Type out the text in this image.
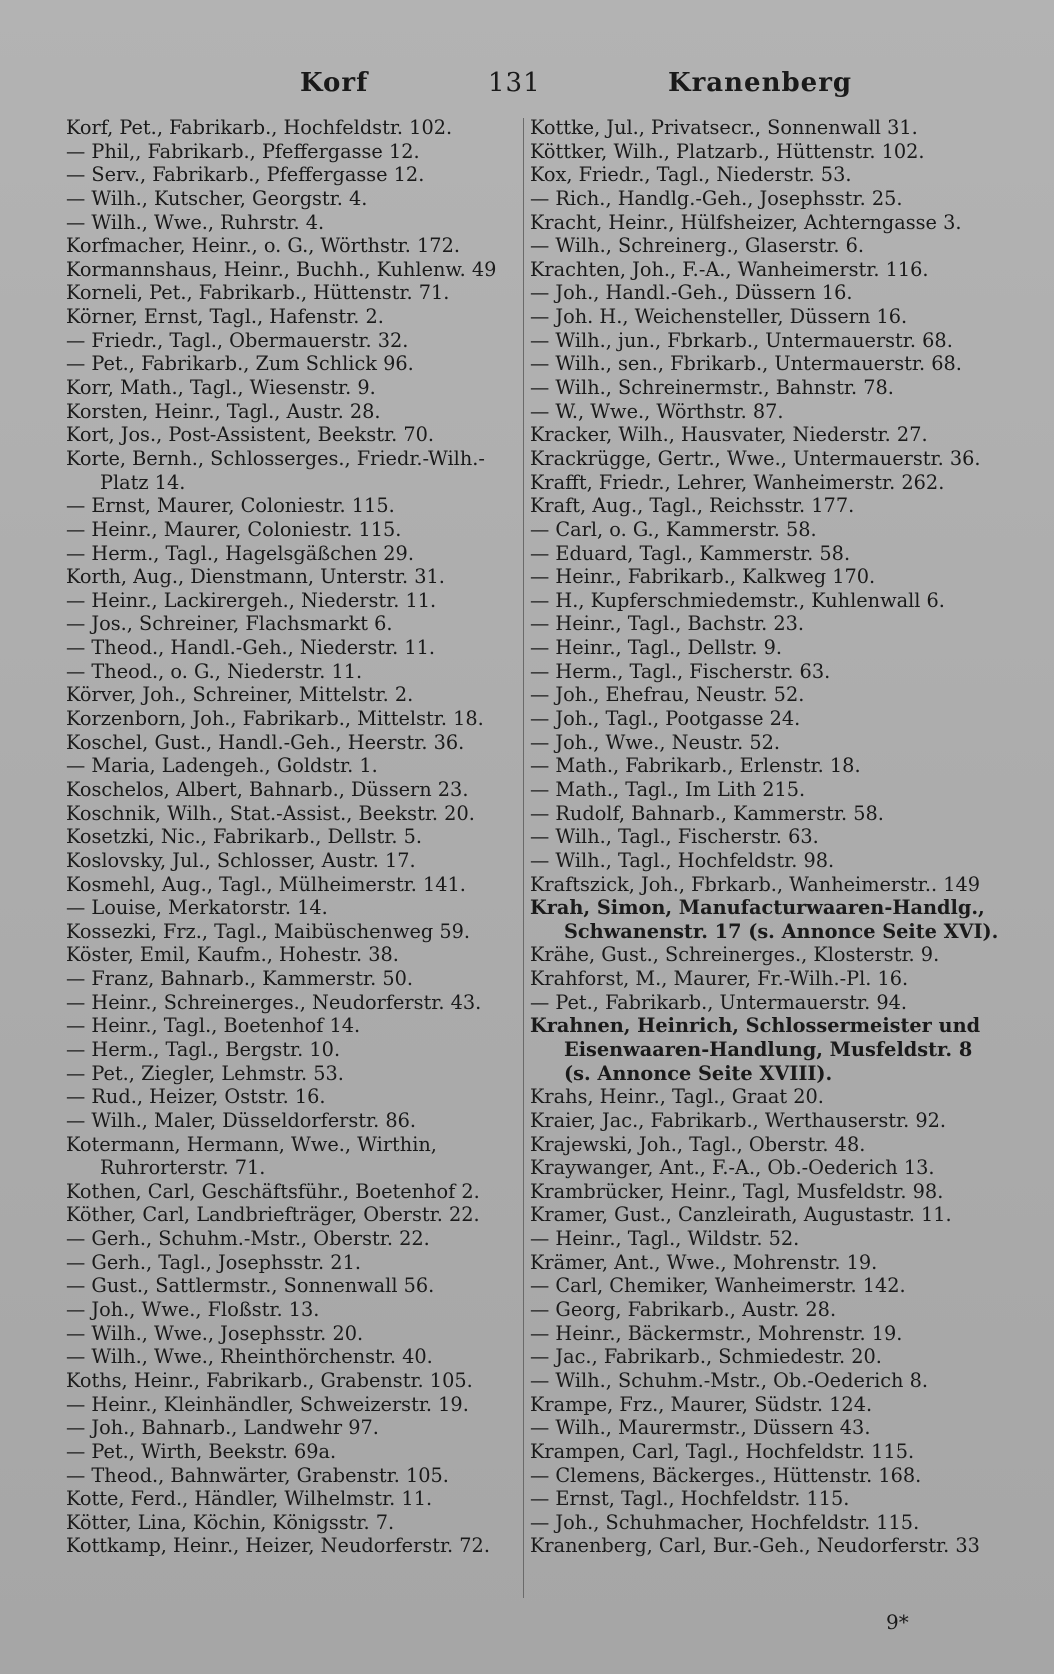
Korf	131	Kranenberg
Korf, Pet., Fabrikarb., Hochfeldstr. 102.
— Phil,, Fabrikarb., Pfeffergasse 12.
— Serv., Fabrikarb., Pfeffergasse 12.
— Wilh., Kutscher, Georgstr. 4.
— Wilh., Wwe., Ruhrstr. 4.
Korfmacher, Heinr., o. G., Wörthstr. 172.
Kormannshaus, Heinr., Buchh., Kuhlenw. 49
Korneli, Pet., Fabrikarb., Hüttenstr. 71.
Körner, Ernst, Tagl., Hafenstr. 2.
— Friedr., Tagl., Obermauerstr. 32.
— Pet., Fabrikarb., Zum Schlick 96.
Korr, Math., Tagl., Wiesenstr. 9.
Korsten, Heinr., Tagl., Austr. 28.
Kort, Jos., Post-Assistent, Beekstr. 70.
Korte, Bernh., Schlosserges., Friedr.-Wilh.-
Platz 14.
— Ernst, Maurer, Coloniestr. 115.
— Heinr., Maurer, Coloniestr. 115.
— Herm., Tagl., Hagelsgäßchen 29.
Korth, Aug., Dienstmann, Unterstr. 31.
— Heinr., Lackirergeh., Niederstr. 11.
— Jos., Schreiner, Flachsmarkt 6.
— Theod., Handl.-Geh., Niederstr. 11.
— Theod., o. G., Niederstr. 11.
Körver, Joh., Schreiner, Mittelstr. 2.
Korzenborn, Joh., Fabrikarb., Mittelstr. 18.
Koschel, Gust., Handl.-Geh., Heerstr. 36.
— Maria, Ladengeh., Goldstr. 1.
Koschelos, Albert, Bahnarb., Düssern 23.
Koschnik, Wilh., Stat.-Assist., Beekstr. 20.
Kosetzki, Nic., Fabrikarb., Dellstr. 5.
Koslovsky, Jul., Schlosser, Austr. 17.
Kosmehl, Aug., Tagl., Mülheimerstr. 141.
— Louise, Merkatorstr. 14.
Kossezki, Frz., Tagl., Maibüschenweg 59.
Köster, Emil, Kaufm., Hohestr. 38.
— Franz, Bahnarb., Kammerstr. 50.
— Heinr., Schreinerges., Neudorferstr. 43.
— Heinr., Tagl., Boetenhof 14.
— Herm., Tagl., Bergstr. 10.
— Pet., Ziegler, Lehmstr. 53.
— Rud., Heizer, Oststr. 16.
— Wilh., Maler, Düsseldorferstr. 86.
Kotermann, Hermann, Wwe., Wirthin,
Ruhrorterstr. 71.
Kothen, Carl, Geschäftsführ., Boetenhof 2.
Köther, Carl, Landbriefträger, Oberstr. 22.
— Gerh., Schuhm.-Mstr., Oberstr. 22.
— Gerh., Tagl., Josephsstr. 21.
— Gust., Sattlermstr., Sonnenwall 56.
— Joh., Wwe., Floßstr. 13.
— Wilh., Wwe., Josephsstr. 20.
— Wilh., Wwe., Rheinthörchenstr. 40.
Koths, Heinr., Fabrikarb., Grabenstr. 105.
— Heinr., Kleinhändler, Schweizerstr. 19.
— Joh., Bahnarb., Landwehr 97.
— Pet., Wirth, Beekstr. 69a.
— Theod., Bahnwärter, Grabenstr. 105.
Kotte, Ferd., Händler, Wilhelmstr. 11.
Kötter, Lina, Köchin, Königsstr. 7.
Kottkamp, Heinr., Heizer, Neudorferstr. 72.
Kottke, Jul., Privatsecr., Sonnenwall 31.
Köttker, Wilh., Platzarb., Hüttenstr. 102.
Kox, Friedr., Tagl., Niederstr. 53.
— Rich., Handlg.-Geh., Josephsstr. 25.
Kracht, Heinr., Hülfsheizer, Achterngasse 3.
— Wilh., Schreinerg., Glaserstr. 6.
Krachten, Joh., F.-A., Wanheimerstr. 116.
— Joh., Handl.-Geh., Düssern 16.
— Joh. H., Weichensteller, Düssern 16.
— Wilh., jun., Fbrkarb., Untermauerstr. 68.
— Wilh., sen., Fbrikarb., Untermauerstr. 68.
— Wilh., Schreinermstr., Bahnstr. 78.
— W., Wwe., Wörthstr. 87.
Kracker, Wilh., Hausvater, Niederstr. 27.
Krackrügge, Gertr., Wwe., Untermauerstr. 36.
Krafft, Friedr., Lehrer, Wanheimerstr. 262.
Kraft, Aug., Tagl., Reichsstr. 177.
— Carl, o. G., Kammerstr. 58.
— Eduard, Tagl., Kammerstr. 58.
— Heinr., Fabrikarb., Kalkweg 170.
— H., Kupferschmiedemstr., Kuhlenwall 6.
— Heinr., Tagl., Bachstr. 23.
— Heinr., Tagl., Dellstr. 9.
— Herm., Tagl., Fischerstr. 63.
— Joh., Ehefrau, Neustr. 52.
— Joh., Tagl., Pootgasse 24.
— Joh., Wwe., Neustr. 52.
— Math., Fabrikarb., Erlenstr. 18.
— Math., Tagl., Im Lith 215.
— Rudolf, Bahnarb., Kammerstr. 58.
— Wilh., Tagl., Fischerstr. 63.
— Wilh., Tagl., Hochfeldstr. 98.
Kraftszick, Joh., Fbrkarb., Wanheimerstr.. 149
Krah, Simon, Manufacturwaaren-Handlg.,
Schwanenstr. 17 (s. Annonce Seite XVI).
Krähe, Gust., Schreinerges., Klosterstr. 9.
Krahforst, M., Maurer, Fr.-Wilh.-Pl. 16.
— Pet., Fabrikarb., Untermauerstr. 94.
Krahnen, Heinrich, Schlossermeister und
Eisenwaaren-Handlung, Musfeldstr. 8
(s. Annonce Seite XVIII).
Krahs, Heinr., Tagl., Graat 20.
Kraier, Jac., Fabrikarb., Werthauserstr. 92.
Krajewski, Joh., Tagl., Oberstr. 48.
Kraywanger, Ant., F.-A., Ob.-Oederich 13.
Krambrücker, Heinr., Tagl, Musfeldstr. 98.
Kramer, Gust., Canzleirath, Augustastr. 11.
— Heinr., Tagl., Wildstr. 52.
Krämer, Ant., Wwe., Mohrenstr. 19.
— Carl, Chemiker, Wanheimerstr. 142.
— Georg, Fabrikarb., Austr. 28.
— Heinr., Bäckermstr., Mohrenstr. 19.
— Jac., Fabrikarb., Schmiedestr. 20.
— Wilh., Schuhm.-Mstr., Ob.-Oederich 8.
Krampe, Frz., Maurer, Südstr. 124.
— Wilh., Maurermstr., Düssern 43.
Krampen, Carl, Tagl., Hochfeldstr. 115.
— Clemens, Bäckerges., Hüttenstr. 168.
— Ernst, Tagl., Hochfeldstr. 115.
— Joh., Schuhmacher, Hochfeldstr. 115.
Kranenberg, Carl, Bur.-Geh., Neudorferstr. 33
9*
